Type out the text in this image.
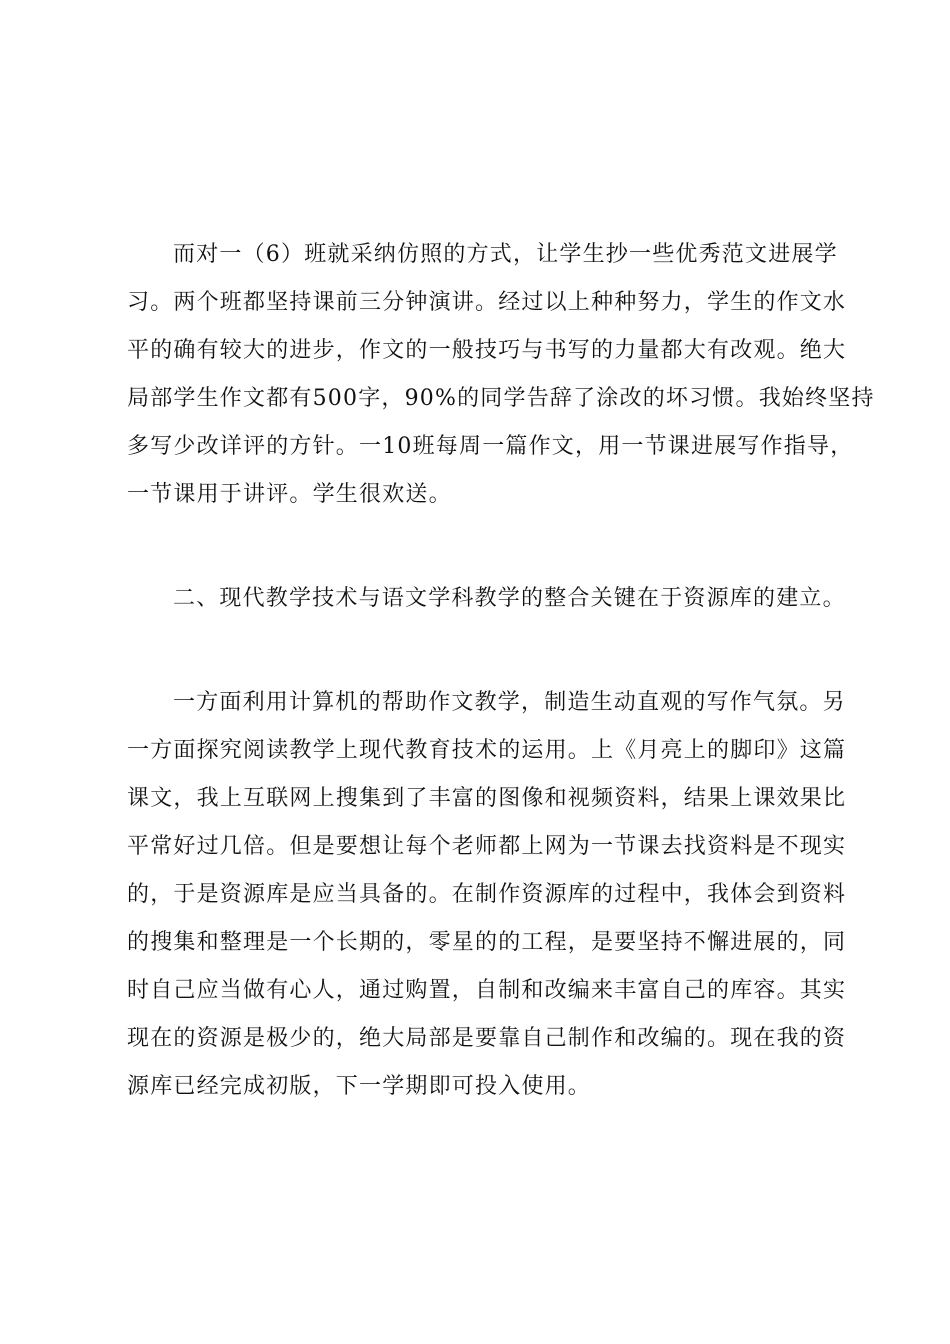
而对一（6）班就采纳仿照的方式，让学生抄一些优秀范文进展学
习。两个班都坚持课前三分钟演讲。经过以上种种努力，学生的作文水
平的确有较大的进步，作文的一般技巧与书写的力量都大有改观。绝大
局部学生作文都有500字，90%的同学告辞了涂改的坏习惯。我始终坚持
多写少改详评的方针。一10班每周一篇作文，用一节课进展写作指导，
一节课用于讲评。学生很欢送。
二、现代教学技术与语文学科教学的整合关键在于资源库的建立。
一方面利用计算机的帮助作文教学，制造生动直观的写作气氛。另
一方面探究阅读教学上现代教育技术的运用。上《月亮上的脚印》这篇
课文，我上互联网上搜集到了丰富的图像和视频资料，结果上课效果比
平常好过几倍。但是要想让每个老师都上网为一节课去找资料是不现实
的，于是资源库是应当具备的。在制作资源库的过程中，我体会到资料
的搜集和整理是一个长期的，零星的的工程，是要坚持不懈进展的，同
时自己应当做有心人，通过购置，自制和改编来丰富自己的库容。其实
现在的资源是极少的，绝大局部是要靠自己制作和改编的。现在我的资
源库已经完成初版，下一学期即可投入使用。
